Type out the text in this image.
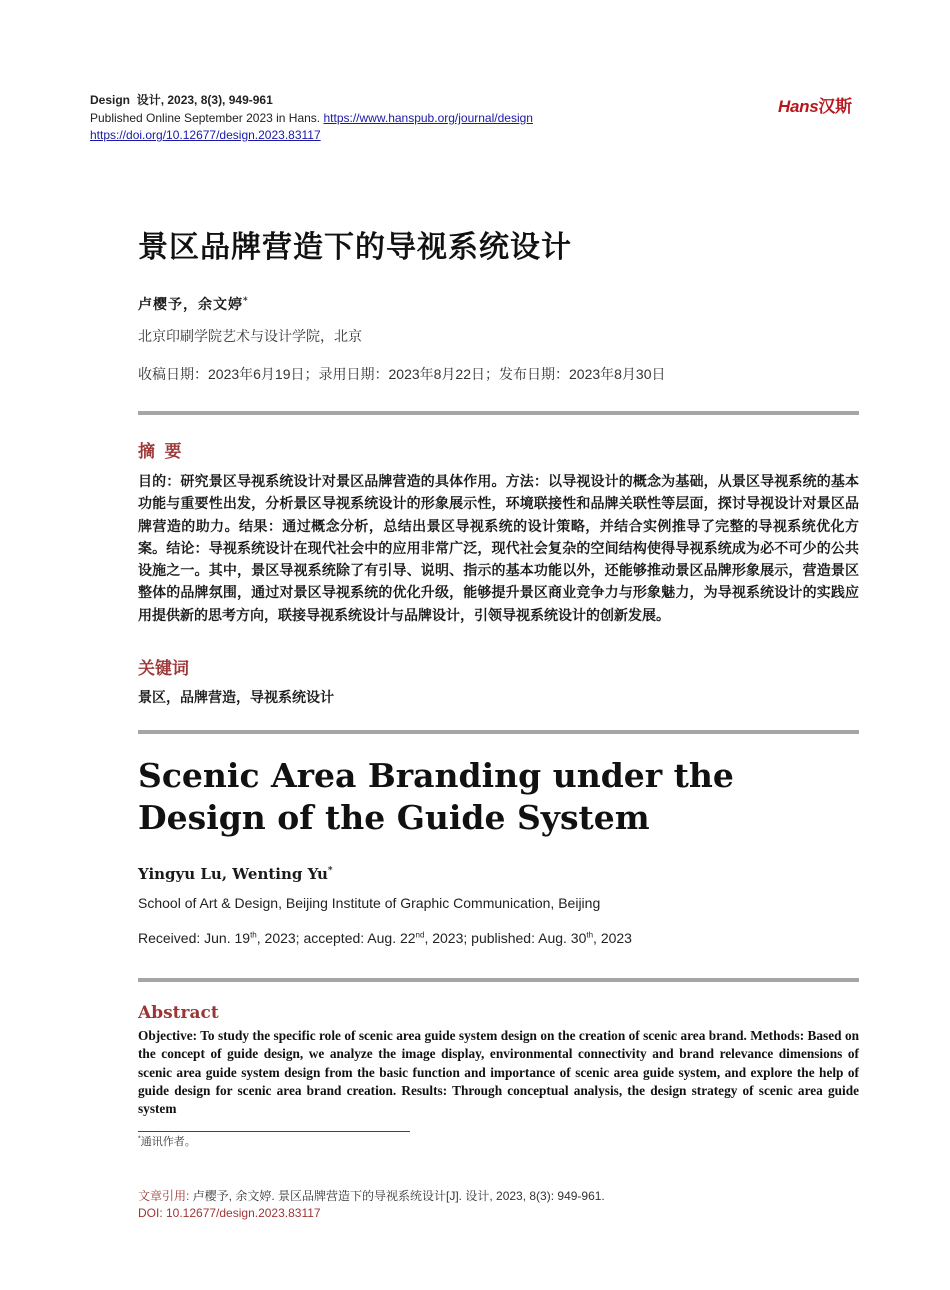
Design 设计, 2023, 8(3), 949-961
Published Online September 2023 in Hans. https://www.hanspub.org/journal/design
https://doi.org/10.12677/design.2023.83117
Hans汉斯
景区品牌营造下的导视系统设计
卢樱予，余文婷*
北京印刷学院艺术与设计学院，北京
收稿日期：2023年6月19日；录用日期：2023年8月22日；发布日期：2023年8月30日
摘  要
目的：研究景区导视系统设计对景区品牌营造的具体作用。方法：以导视设计的概念为基础，从景区导视系统的基本功能与重要性出发，分析景区导视系统设计的形象展示性，环境联接性和品牌关联性等层面，探讨导视设计对景区品牌营造的助力。结果：通过概念分析，总结出景区导视系统的设计策略，并结合实例推导了完整的导视系统优化方案。结论：导视系统设计在现代社会中的应用非常广泛，现代社会复杂的空间结构使得导视系统成为必不可少的公共设施之一。其中，景区导视系统除了有引导、说明、指示的基本功能以外，还能够推动景区品牌形象展示，营造景区整体的品牌氛围，通过对景区导视系统的优化升级，能够提升景区商业竞争力与形象魅力，为导视系统设计的实践应用提供新的思考方向，联接导视系统设计与品牌设计，引领导视系统设计的创新发展。
关键词
景区，品牌营造，导视系统设计
Scenic Area Branding under the Design of the Guide System
Yingyu Lu, Wenting Yu*
School of Art & Design, Beijing Institute of Graphic Communication, Beijing
Received: Jun. 19th, 2023; accepted: Aug. 22nd, 2023; published: Aug. 30th, 2023
Abstract
Objective: To study the specific role of scenic area guide system design on the creation of scenic area brand. Methods: Based on the concept of guide design, we analyze the image display, environmental connectivity and brand relevance dimensions of scenic area guide system design from the basic function and importance of scenic area guide system, and explore the help of guide design for scenic area brand creation. Results: Through conceptual analysis, the design strategy of scenic area guide system
*通讯作者。
文章引用: 卢樱予, 余文婷. 景区品牌营造下的导视系统设计[J]. 设计, 2023, 8(3): 949-961.
DOI: 10.12677/design.2023.83117
